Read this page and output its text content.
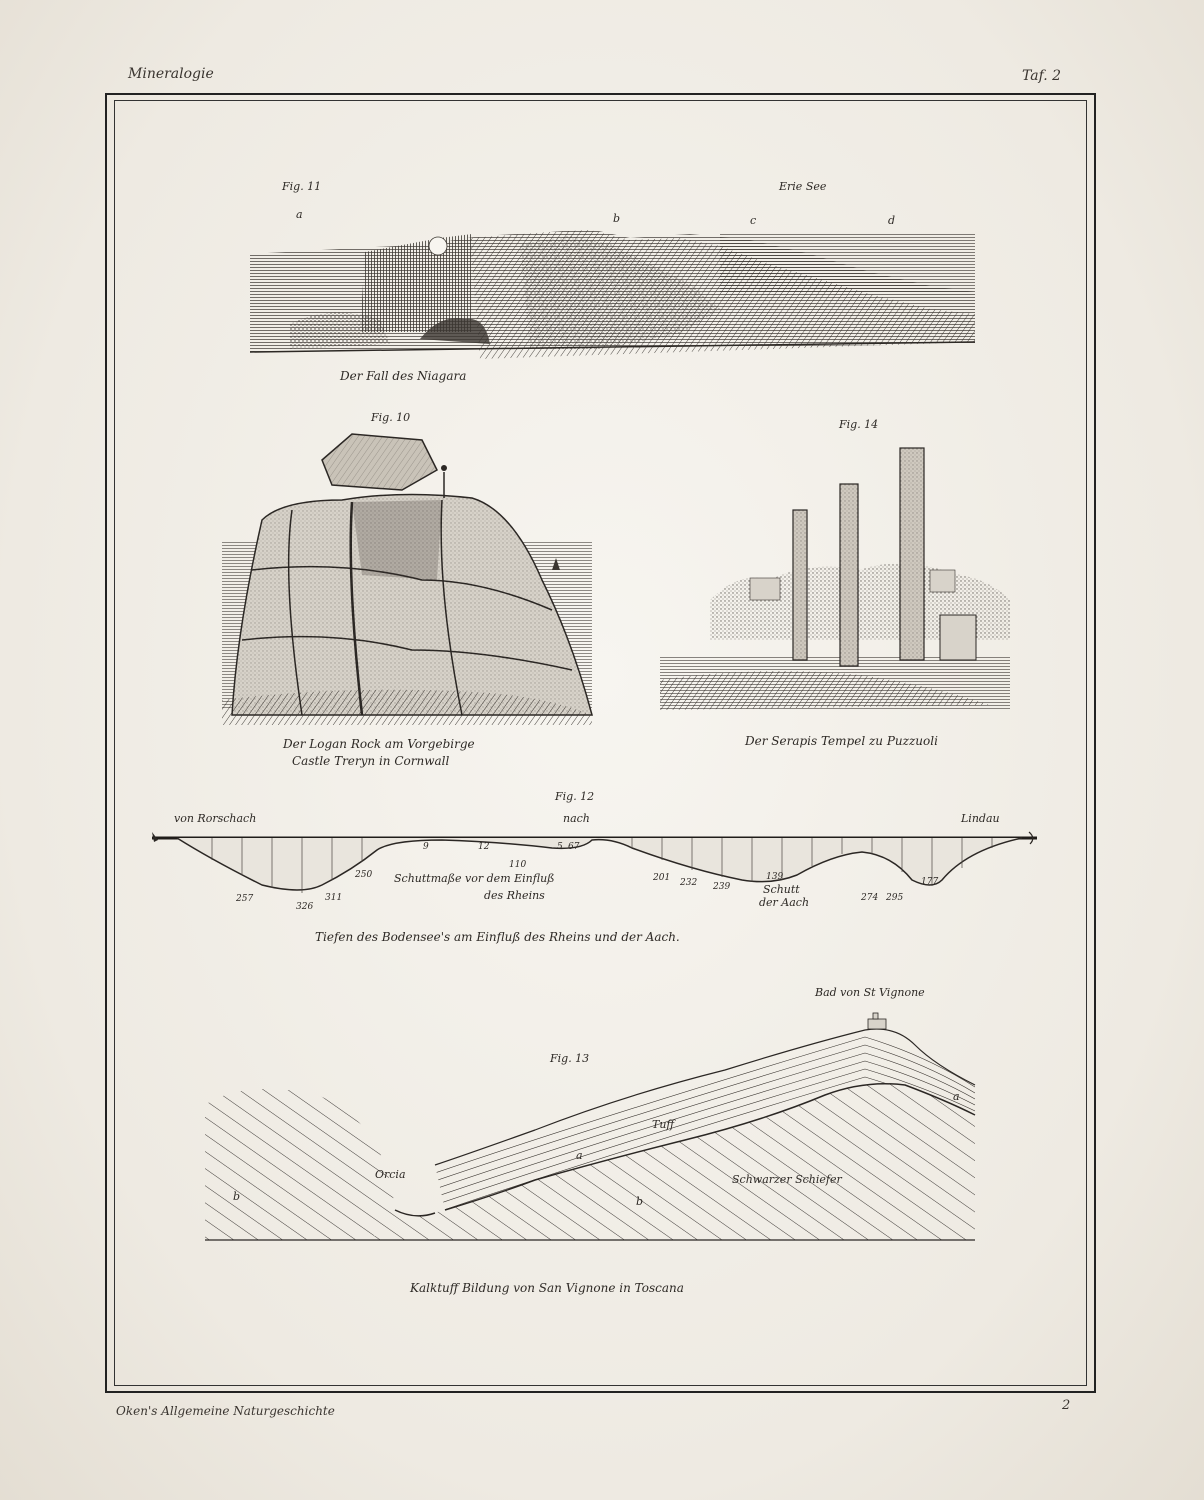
Mineralogie	Taf. 2
Fig. 11	Erie See
a	b	c	d
Der Fall des Niagara
Fig. 10
Der Logan Rock am Vorgebirge
Castle Treryn in Cornwall
Fig. 14
Der Serapis Tempel zu Puzzuoli
Fig. 12
von Rorschach	nach	Lindau
257
326
311
250
9	12
110
5 67
201 232 239
139
274 295
177
Schuttmaße vor dem Einfluß
des Rheins	Schutt
der Aach
Tiefen des Bodensee's am Einfluß des Rheins und der Aach.
Bad von St Vignone
Fig. 13
Tuff
a
a
Orcia	Schwarzer Schiefer
b	b
Kalktuff Bildung von San Vignone in Toscana
Oken's Allgemeine Naturgeschichte	2
